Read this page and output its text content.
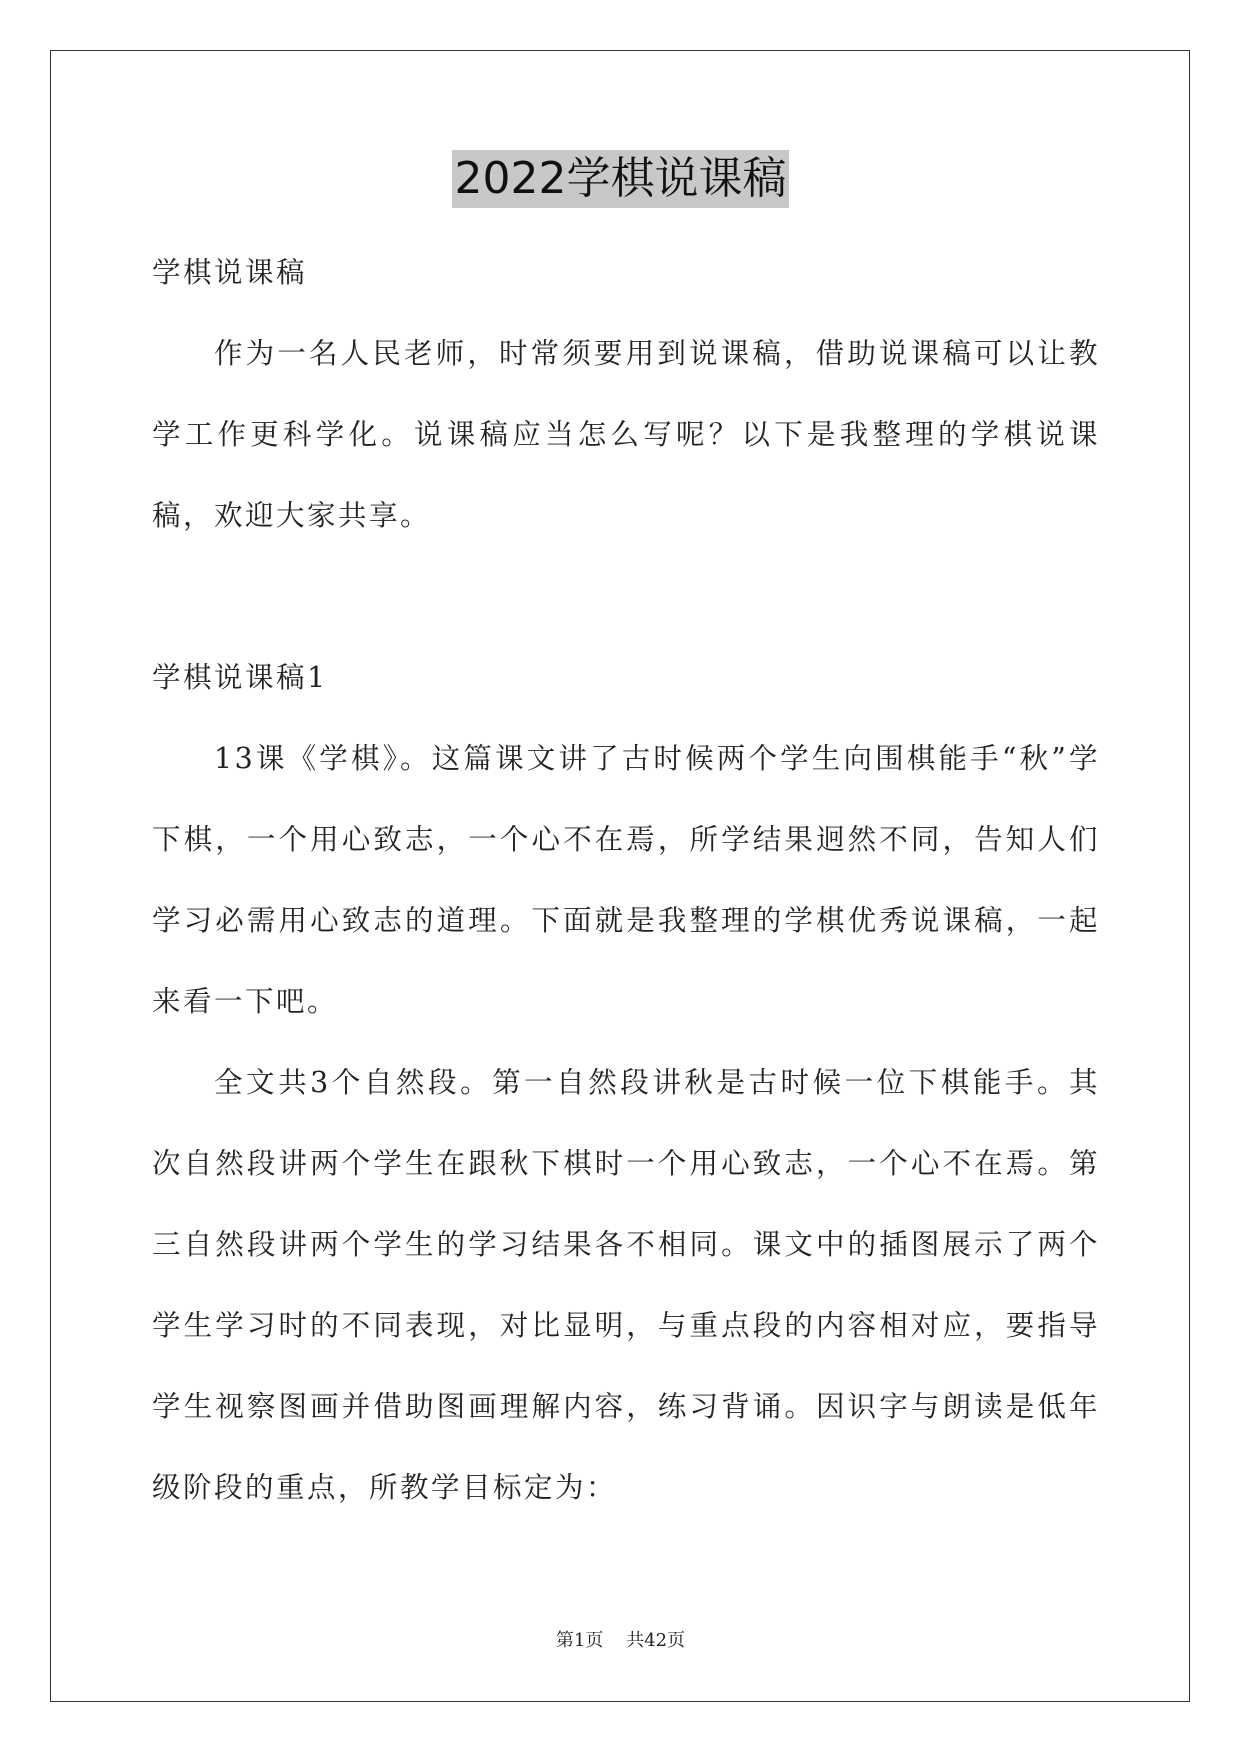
2022学棋说课稿

学棋说课稿

作为一名人民老师，时常须要用到说课稿，借助说课稿可以让教学工作更科学化。说课稿应当怎么写呢？以下是我整理的学棋说课稿，欢迎大家共享。

学棋说课稿1

13课《学棋》。这篇课文讲了古时候两个学生向围棋能手“秋”学下棋，一个用心致志，一个心不在焉，所学结果迥然不同，告知人们学习必需用心致志的道理。下面就是我整理的学棋优秀说课稿，一起来看一下吧。

全文共3个自然段。第一自然段讲秋是古时候一位下棋能手。其次自然段讲两个学生在跟秋下棋时一个用心致志，一个心不在焉。第三自然段讲两个学生的学习结果各不相同。课文中的插图展示了两个学生学习时的不同表现，对比显明，与重点段的内容相对应，要指导学生视察图画并借助图画理解内容，练习背诵。因识字与朗读是低年级阶段的重点，所教学目标定为：

第1页 共42页
